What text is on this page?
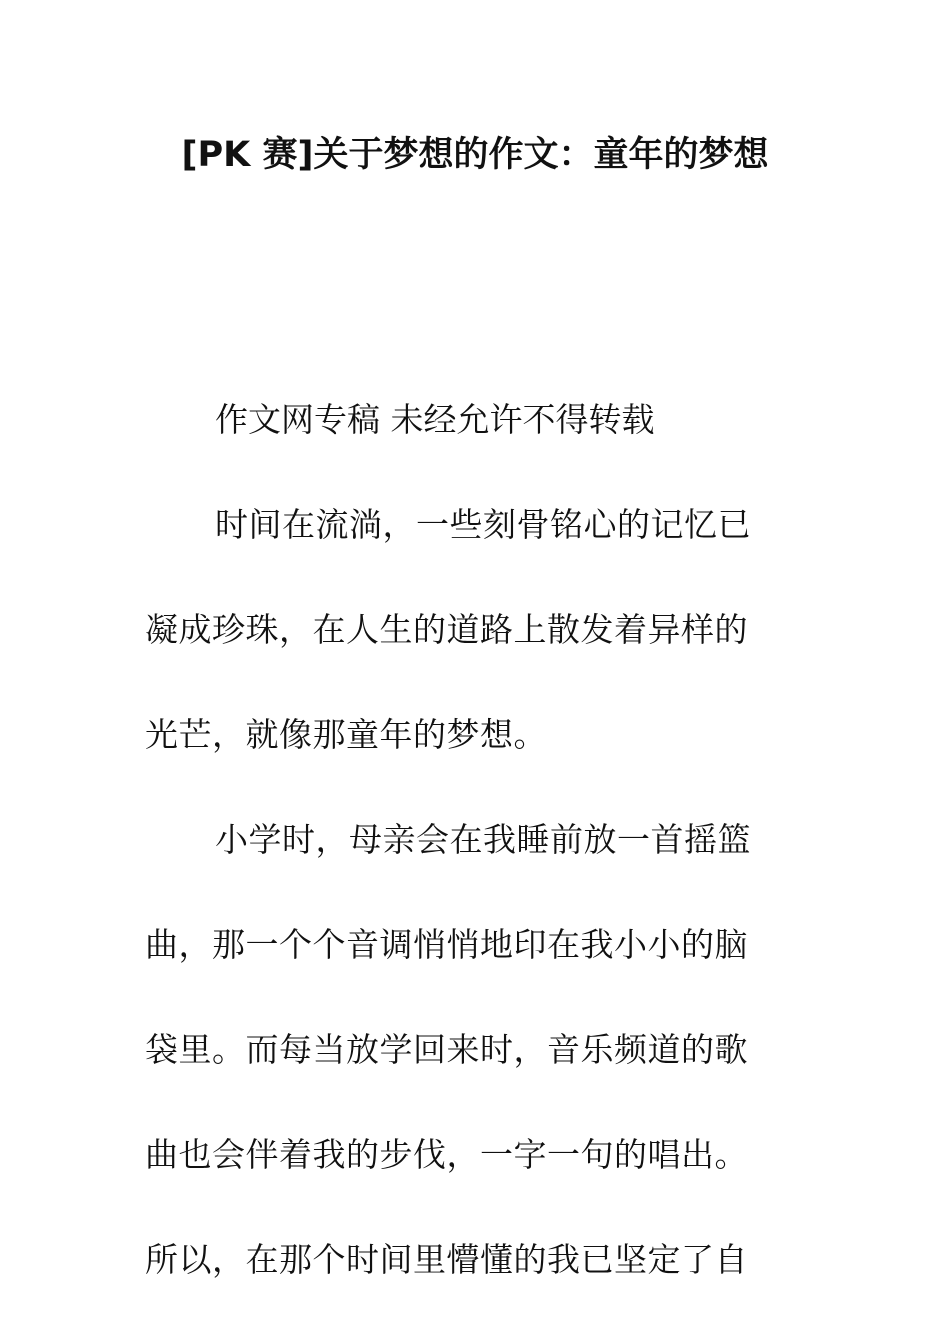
[PK 赛]关于梦想的作文：童年的梦想

作文网专稿 未经允许不得转载

时间在流淌，一些刻骨铭心的记忆已凝成珍珠，在人生的道路上散发着异样的光芒，就像那童年的梦想。

小学时，母亲会在我睡前放一首摇篮曲，那一个个音调悄悄地印在我小小的脑袋里。而每当放学回来时，音乐频道的歌曲也会伴着我的步伐，一字一句的唱出。所以，在那个时间里懵懂的我已坚定了自
